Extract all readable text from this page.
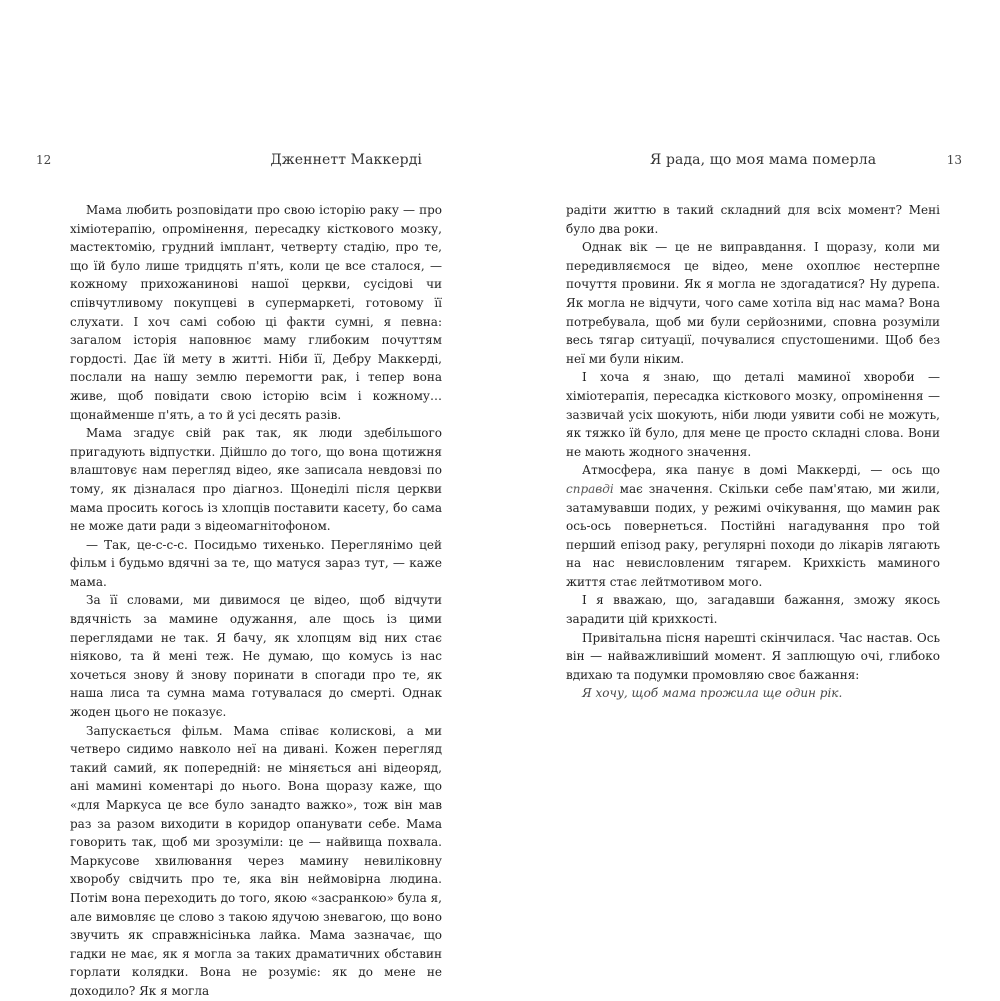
12	Дженнетт Маккерді

Мама любить розповідати про свою історію раку — про хіміотерапію, опромінення, пересадку кісткового мозку, мастектомію, грудний імплант, четверту стадію, про те, що їй було лише тридцять п'ять, коли це все сталося, — кожному прихожанинові нашої церкви, сусідові чи співчутливому покупцеві в супермаркеті, готовому її слухати. І хоч самі собою ці факти сумні, я певна: загалом історія наповнює маму глибоким почуттям гордості. Дає їй мету в житті. Ніби її, Дебру Маккерді, послали на нашу землю перемогти рак, і тепер вона живе, щоб повідати свою історію всім і кожному… щонайменше п'ять, а то й усі десять разів.

Мама згадує свій рак так, як люди здебільшого пригадують відпустки. Дійшло до того, що вона щотижня влаштовує нам перегляд відео, яке записала невдовзі по тому, як дізналася про діагноз. Щонеділі після церкви мама просить когось із хлопців поставити касету, бо сама не може дати ради з відеомагнітофоном.

— Так, це-с-с-с. Посидьмо тихенько. Переглянімо цей фільм і будьмо вдячні за те, що матуся зараз тут, — каже мама.

За її словами, ми дивимося це відео, щоб відчути вдячність за мамине одужання, але щось із цими переглядами не так. Я бачу, як хлопцям від них стає ніяково, та й мені теж. Не думаю, що комусь із нас хочеться знову й знову поринати в спогади про те, як наша лиса та сумна мама готувалася до смерті. Однак жоден цього не показує.

Запускається фільм. Мама співає колискові, а ми четверо сидимо навколо неї на дивані. Кожен перегляд такий самий, як попередній: не міняється ані відеоряд, ані мамині коментарі до нього. Вона щоразу каже, що «для Маркуса це все було занадто важко», тож він мав раз за разом виходити в коридор опанувати себе. Мама говорить так, щоб ми зрозуміли: це — найвища похвала. Маркусове хвилювання через мамину невиліковну хворобу свідчить про те, яка він неймовірна людина. Потім вона переходить до того, якою «засранкою» була я, але вимовляє це слово з такою ядучою зневагою, що воно звучить як справжнісінька лайка. Мама зазначає, що гадки не має, як я могла за таких драматичних обставин горлати колядки. Вона не розуміє: як до мене не доходило? Як я могла

Я рада, що моя мама померла	13

радіти життю в такий складний для всіх момент? Мені було два роки.

Однак вік — це не виправдання. І щоразу, коли ми передивляємося це відео, мене охоплює нестерпне почуття провини. Як я могла не здогадатися? Ну дурепа. Як могла не відчути, чого саме хотіла від нас мама? Вона потребувала, щоб ми були серйозними, сповна розуміли весь тягар ситуації, почувалися спустошеними. Щоб без неї ми були ніким.

І хоча я знаю, що деталі маминої хвороби — хіміотерапія, пересадка кісткового мозку, опромінення — зазвичай усіх шокують, ніби люди уявити собі не можуть, як тяжко їй було, для мене це просто складні слова. Вони не мають жодного значення.

Атмосфера, яка панує в домі Маккерді, — ось що справді має значення. Скільки себе пам'ятаю, ми жили, затамувавши подих, у режимі очікування, що мамин рак ось-ось повернеться. Постійні нагадування про той перший епізод раку, регулярні походи до лікарів лягають на нас невисловленим тягарем. Крихкість маминого життя стає лейтмотивом мого.

І я вважаю, що, загадавши бажання, зможу якось зарадити цій крихкості.

Привітальна пісня нарешті скінчилася. Час настав. Ось він — найважливіший момент. Я заплющую очі, глибоко вдихаю та подумки промовляю своє бажання:

Я хочу, щоб мама прожила ще один рік.
